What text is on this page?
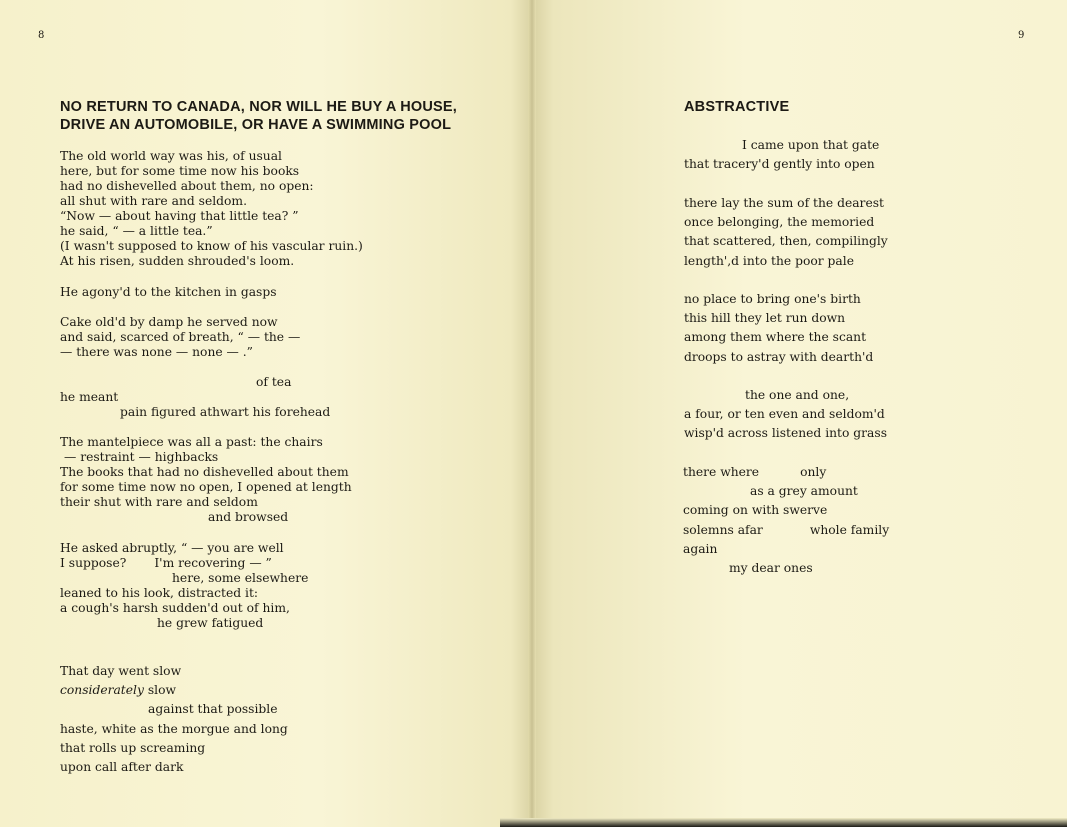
8	9
NO RETURN TO CANADA, NOR WILL HE BUY A HOUSE,
DRIVE AN AUTOMOBILE, OR HAVE A SWIMMING POOL
The old world way was his, of usual
here, but for some time now his books
had no dishevelled about them, no open:
all shut with rare and seldom.
“Now — about having that little tea? ”
he said, “ — a little tea.”
(I wasn't supposed to know of his vascular ruin.)
At his risen, sudden shrouded's loom.
He agony'd to the kitchen in gasps
Cake old'd by damp he served now
and said, scarced of breath, “ — the —
— there was none — none — .”
of tea
he meant
pain figured athwart his forehead
The mantelpiece was all a past: the chairs
— restraint — highbacks
The books that had no dishevelled about them
for some time now no open, I opened at length
their shut with rare and seldom
and browsed
He asked abruptly, “ — you are well
I suppose? I'm recovering — ”
here, some elsewhere
leaned to his look, distracted it:
a cough's harsh sudden'd out of him,
he grew fatigued
That day went slow
considerately slow
against that possible
haste, white as the morgue and long
that rolls up screaming
upon call after dark
ABSTRACTIVE
I came upon that gate
that tracery'd gently into open
there lay the sum of the dearest
once belonging, the memoried
that scattered, then, compilingly
length',d into the poor pale
no place to bring one's birth
this hill they let run down
among them where the scant
droops to astray with dearth'd
the one and one,
a four, or ten even and seldom'd
wisp'd across listened into grass
there where	only
as a grey amount
coming on with swerve
solemns afar	whole family
again
my dear ones
